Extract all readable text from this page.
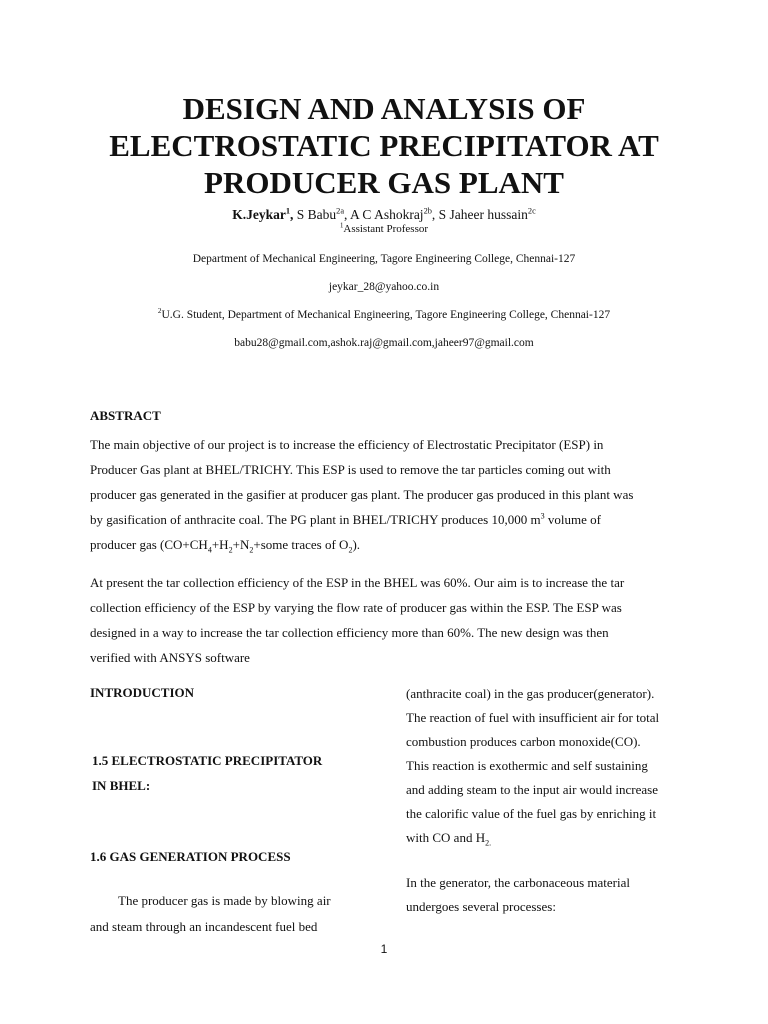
DESIGN AND ANALYSIS OF
ELECTROSTATIC PRECIPITATOR AT
PRODUCER GAS PLANT
K.Jeykar$^1$, S Babu$^{2a}$, A C Ashokraj$^{2b}$, S Jaheer hussain$^{2c}$
$^1$Assistant Professor
Department of Mechanical Engineering, Tagore Engineering College, Chennai-127
jeykar_28@yahoo.co.in
$^2$U.G. Student, Department of Mechanical Engineering, Tagore Engineering College, Chennai-127
babu28@gmail.com,ashok.raj@gmail.com,jaheer97@gmail.com
ABSTRACT
The main objective of our project is to increase the efficiency of Electrostatic Precipitator (ESP) in
Producer Gas plant at BHEL/TRICHY. This ESP is used to remove the tar particles coming out with
producer gas generated in the gasifier at producer gas plant. The producer gas produced in this plant was
by gasification of anthracite coal. The PG plant in BHEL/TRICHY produces 10,000 $m^3$ volume of
producer gas ($CO+CH_4+H_2+N_2+some$ traces of $O_2$).
At present the tar collection efficiency of the ESP in the BHEL was 60%. Our aim is to increase the tar
collection efficiency of the ESP by varying the flow rate of producer gas within the ESP. The ESP was
designed in a way to increase the tar collection efficiency more than 60%. The new design was then
verified with ANSYS software
INTRODUCTION
1.5 ELECTROSTATIC PRECIPITATOR
IN BHEL:
1.6 GAS GENERATION PROCESS
The producer gas is made by blowing air
and steam through an incandescent fuel bed
(anthracite coal) in the gas producer(generator).
The reaction of fuel with insufficient air for total
combustion produces carbon monoxide(CO).
This reaction is exothermic and self sustaining
and adding steam to the input air would increase
the calorific value of the fuel gas by enriching it
with CO and $H_{2.}$
In the generator, the carbonaceous material
undergoes several processes:
1
